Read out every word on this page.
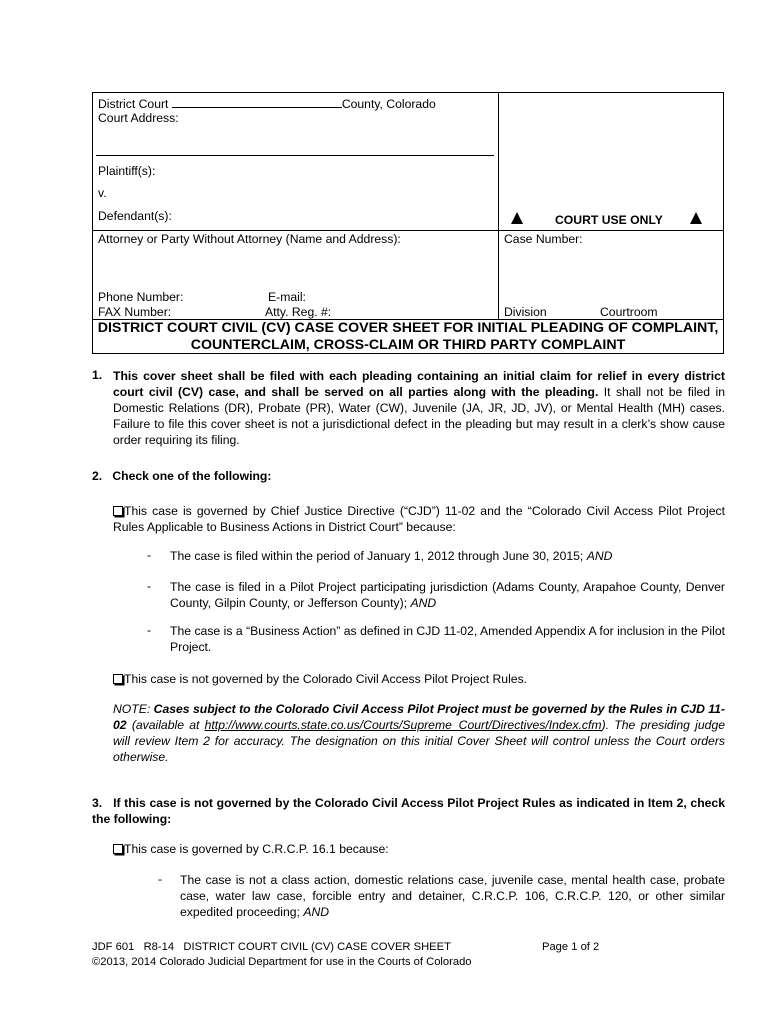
District Court	County, Colorado
Court Address:
Plaintiff(s):
v.
Defendant(s):	COURT USE ONLY
Attorney or Party Without Attorney (Name and Address):	Case Number:
Phone Number:	E-mail:
FAX Number:	Atty. Reg. #:	Division	Courtroom
DISTRICT COURT CIVIL (CV) CASE COVER SHEET FOR INITIAL PLEADING OF COMPLAINT,
COUNTERCLAIM, CROSS-CLAIM OR THIRD PARTY COMPLAINT
1. This cover sheet shall be filed with each pleading containing an initial claim for relief in every district court civil (CV) case, and shall be served on all parties along with the pleading. It shall not be filed in Domestic Relations (DR), Probate (PR), Water (CW), Juvenile (JA, JR, JD, JV), or Mental Health (MH) cases. Failure to file this cover sheet is not a jurisdictional defect in the pleading but may result in a clerk’s show cause order requiring its filing.
2.   Check one of the following:
This case is governed by Chief Justice Directive (“CJD”) 11-02 and the “Colorado Civil Access Pilot Project Rules Applicable to Business Actions in District Court” because:
- The case is filed within the period of January 1, 2012 through June 30, 2015; AND
- The case is filed in a Pilot Project participating jurisdiction (Adams County, Arapahoe County, Denver County, Gilpin County, or Jefferson County); AND
- The case is a “Business Action” as defined in CJD 11-02, Amended Appendix A for inclusion in the Pilot Project.
This case is not governed by the Colorado Civil Access Pilot Project Rules.
NOTE: Cases subject to the Colorado Civil Access Pilot Project must be governed by the Rules in CJD 11-02 (available at http://www.courts.state.co.us/Courts/Supreme_Court/Directives/Index.cfm). The presiding judge will review Item 2 for accuracy. The designation on this initial Cover Sheet will control unless the Court orders otherwise.
3.   If this case is not governed by the Colorado Civil Access Pilot Project Rules as indicated in Item 2, check the following:
This case is governed by C.R.C.P. 16.1 because:
- The case is not a class action, domestic relations case, juvenile case, mental health case, probate case, water law case, forcible entry and detainer, C.R.C.P. 106, C.R.C.P. 120, or other similar expedited proceeding; AND
JDF 601   R8-14   DISTRICT COURT CIVIL (CV) CASE COVER SHEET
©2013, 2014 Colorado Judicial Department for use in the Courts of Colorado
Page 1 of 2
